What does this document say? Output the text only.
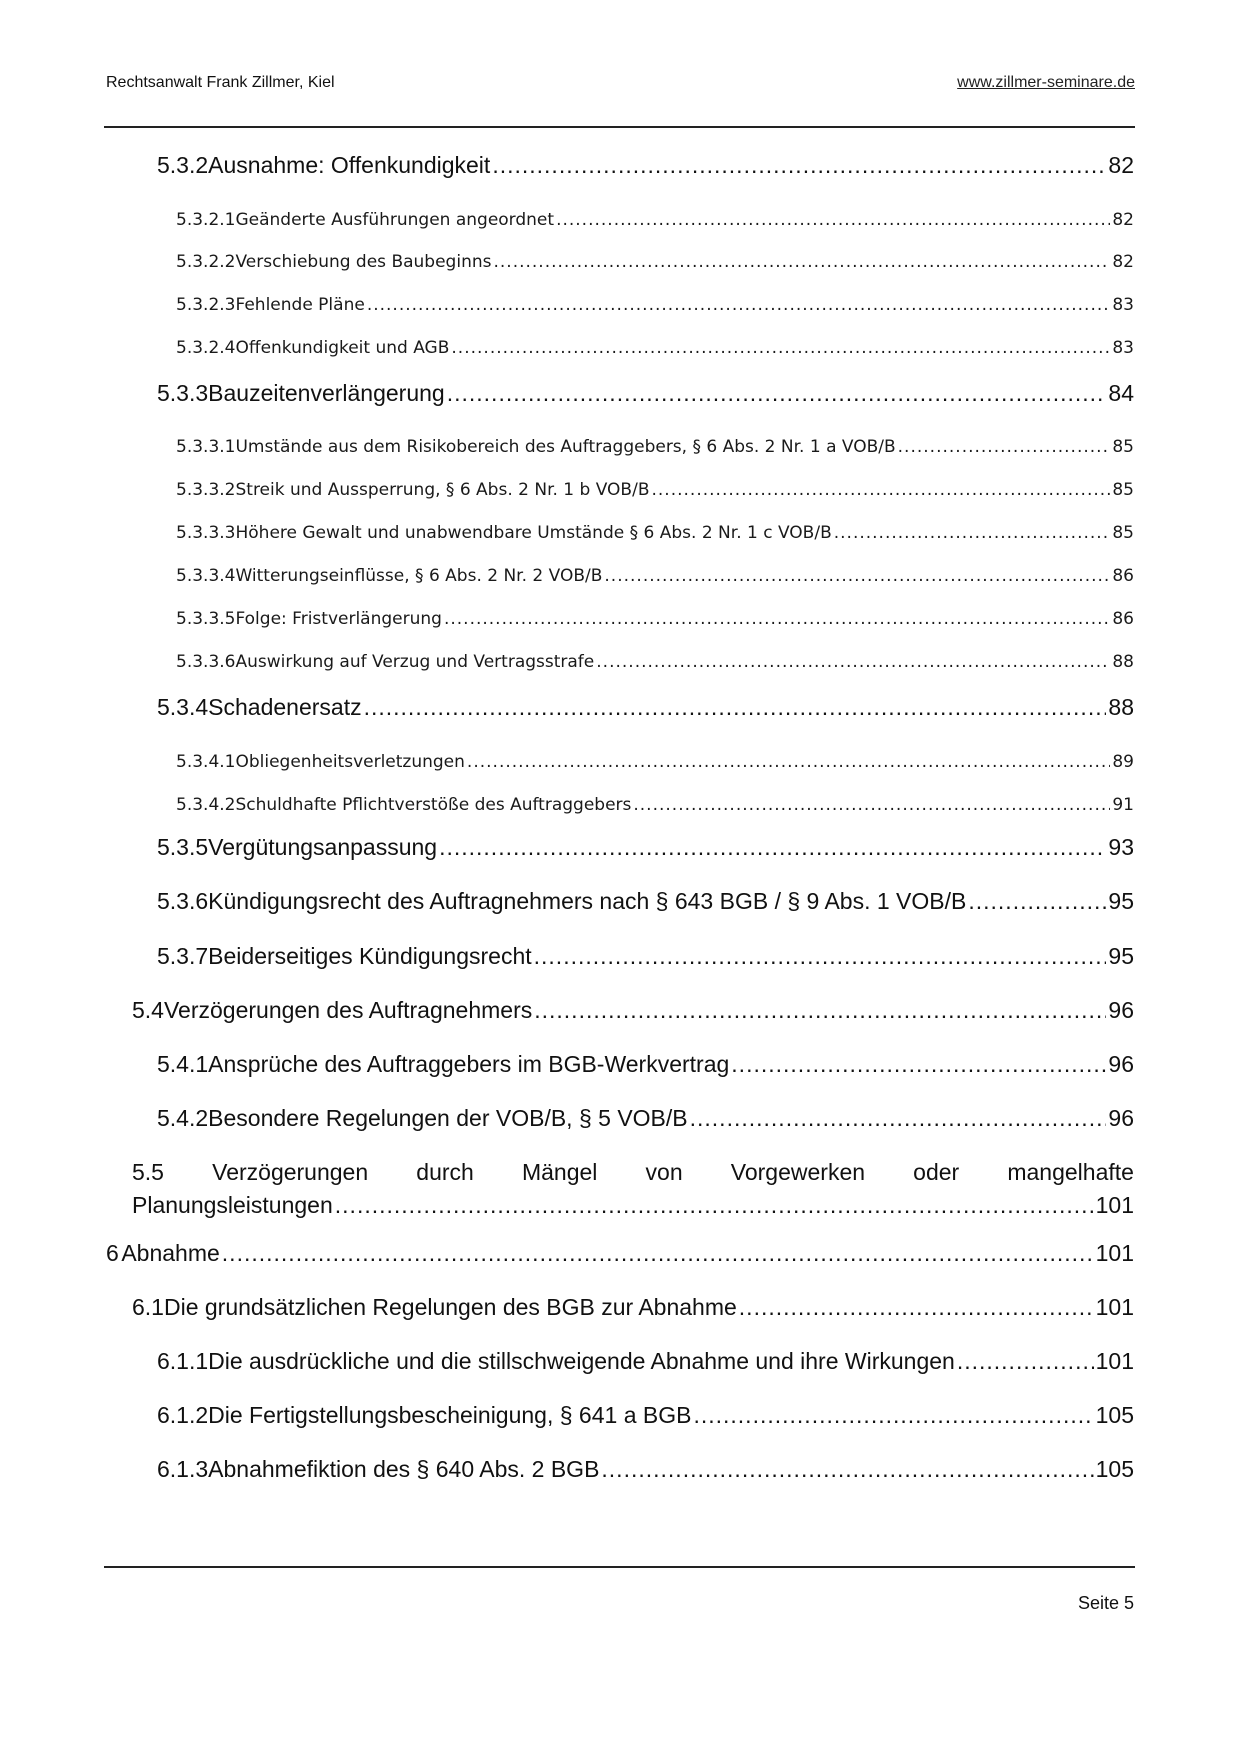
Rechtsanwalt Frank Zillmer, Kiel	www.zillmer-seminare.de
5.3.2 Ausnahme: Offenkundigkeit .....	82
5.3.2.1 Geänderte Ausführungen angeordnet .....	82
5.3.2.2 Verschiebung des Baubeginns .....	82
5.3.2.3 Fehlende Pläne .....	83
5.3.2.4 Offenkundigkeit und AGB .....	83
5.3.3 Bauzeitenverlängerung .....	84
5.3.3.1 Umstände aus dem Risikobereich des Auftraggebers, § 6 Abs. 2 Nr. 1 a VOB/B .....	85
5.3.3.2 Streik und Aussperrung, § 6 Abs. 2 Nr. 1 b VOB/B .....	85
5.3.3.3 Höhere Gewalt und unabwendbare Umstände § 6 Abs. 2 Nr. 1 c VOB/B .....	85
5.3.3.4 Witterungseinflüsse, § 6 Abs. 2 Nr. 2 VOB/B .....	86
5.3.3.5 Folge: Fristverlängerung .....	86
5.3.3.6 Auswirkung auf Verzug und Vertragsstrafe .....	88
5.3.4 Schadenersatz .....	88
5.3.4.1 Obliegenheitsverletzungen .....	89
5.3.4.2 Schuldhafte Pflichtverstöße des Auftraggebers .....	91
5.3.5 Vergütungsanpassung .....	93
5.3.6 Kündigungsrecht des Auftragnehmers nach § 643 BGB / § 9 Abs. 1 VOB/B .....	95
5.3.7 Beiderseitiges Kündigungsrecht .....	95
5.4 Verzögerungen des Auftragnehmers .....	96
5.4.1 Ansprüche des Auftraggebers im BGB-Werkvertrag .....	96
5.4.2 Besondere Regelungen der VOB/B, § 5 VOB/B .....	96
5.5 Verzögerungen durch Mängel von Vorgewerken oder mangelhafte
Planungsleistungen .....	101
6 Abnahme .....	101
6.1 Die grundsätzlichen Regelungen des BGB zur Abnahme .....	101
6.1.1 Die ausdrückliche und die stillschweigende Abnahme und ihre Wirkungen .....	101
6.1.2 Die Fertigstellungsbescheinigung, § 641 a BGB .....	105
6.1.3 Abnahmefiktion des § 640 Abs. 2 BGB .....	105
Seite 5
